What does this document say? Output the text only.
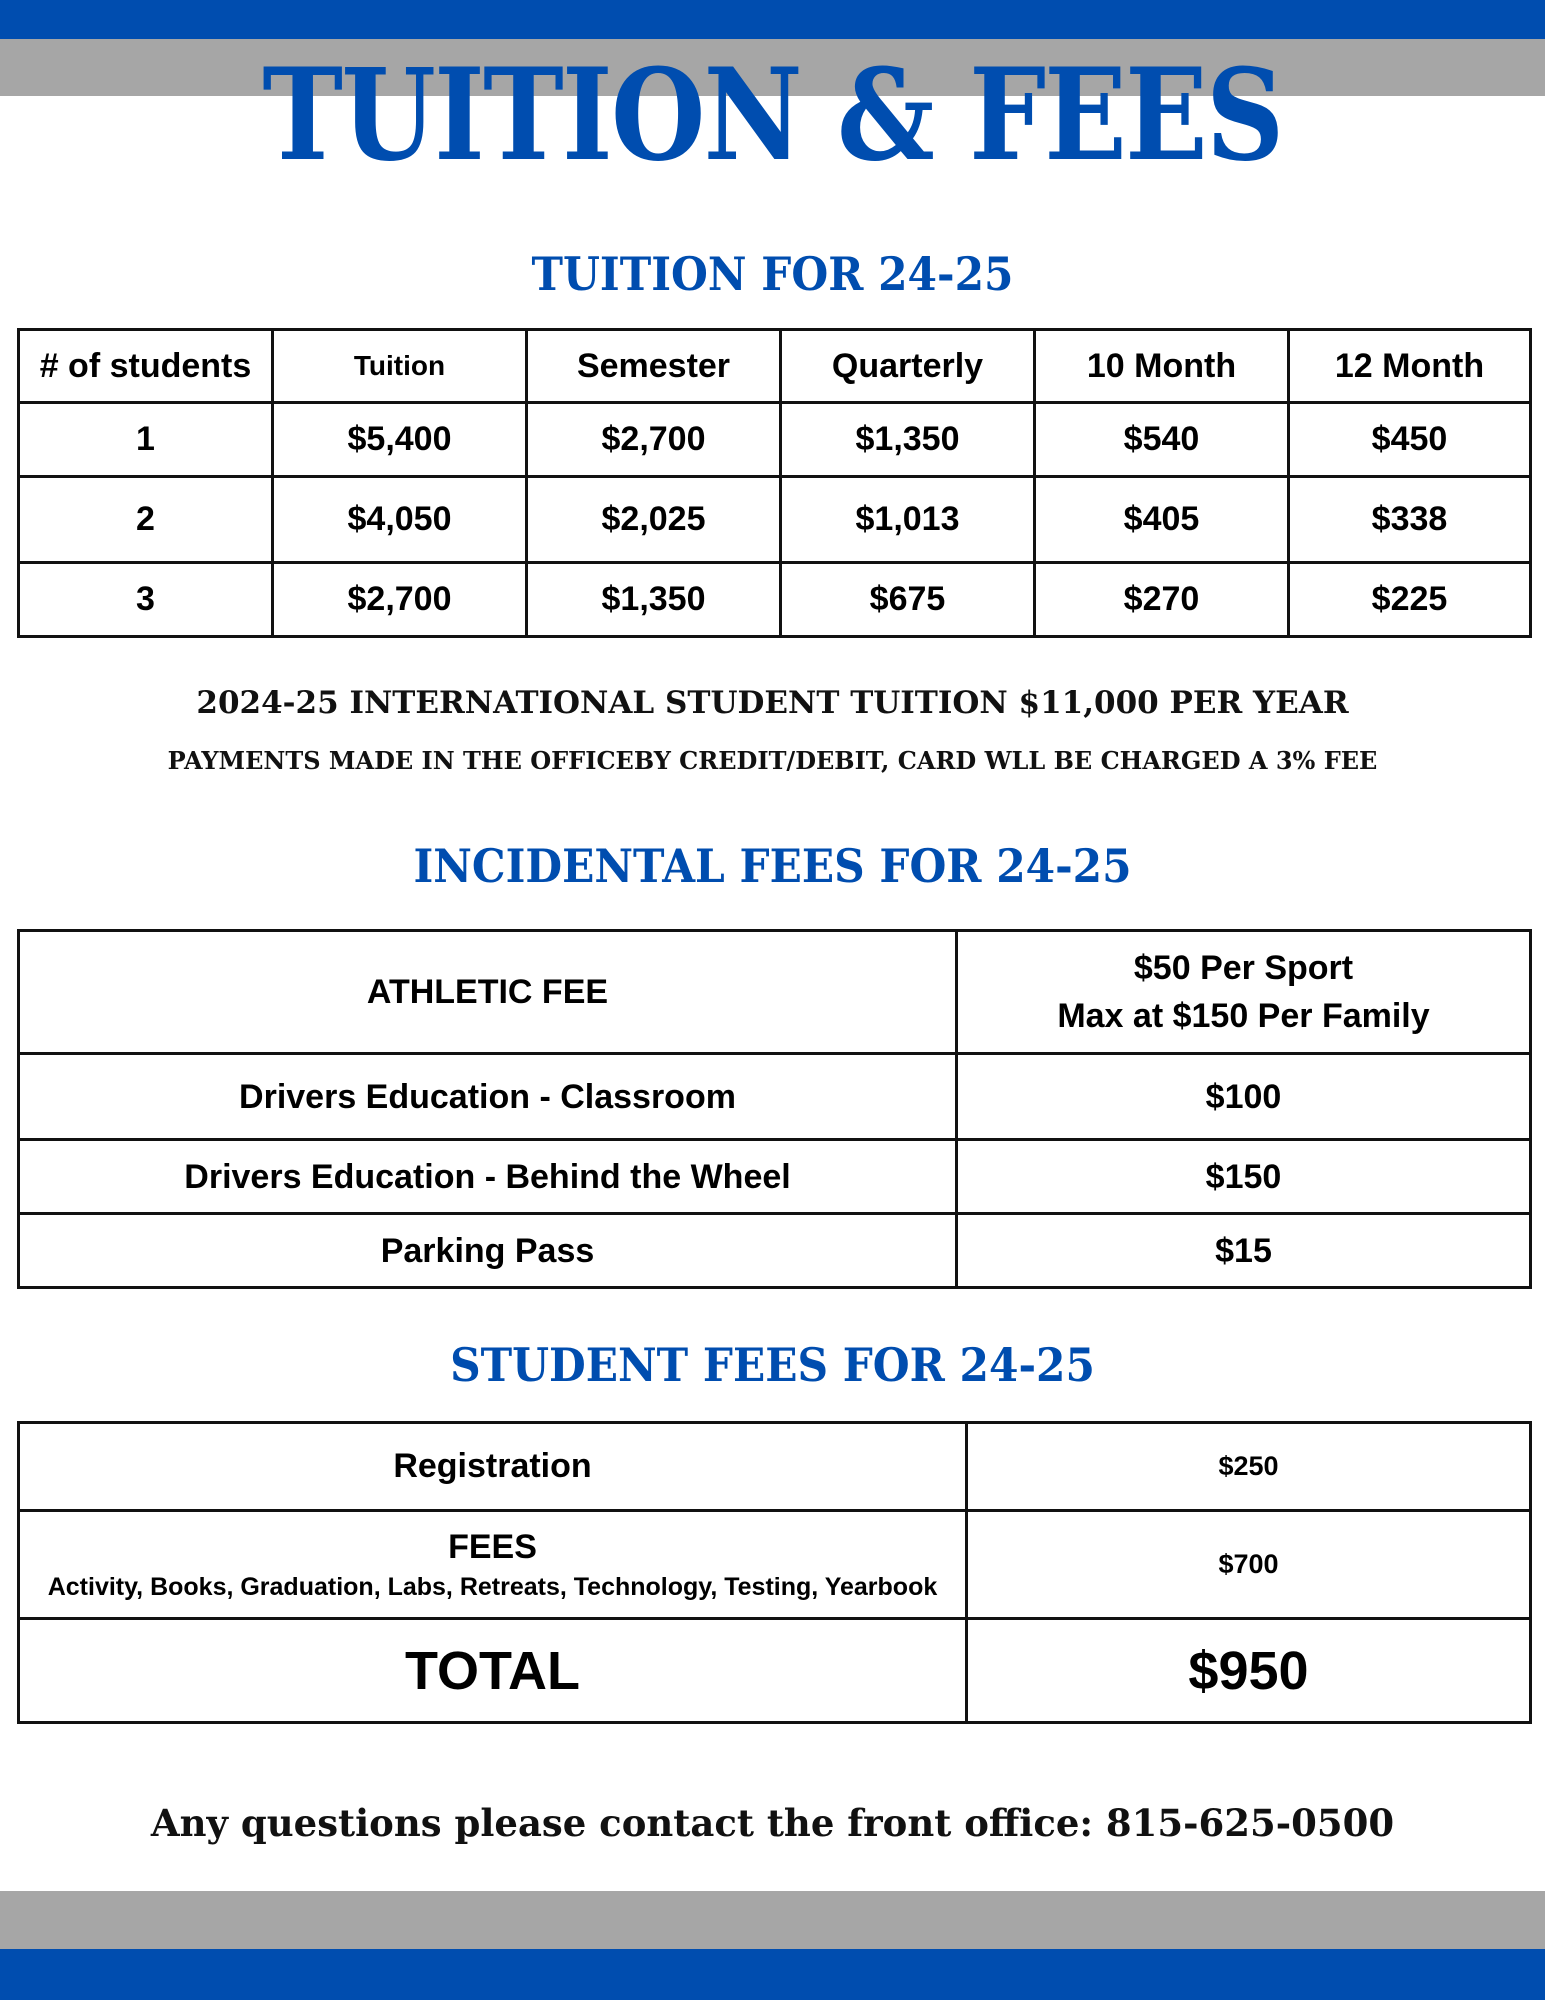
TUITION & FEES
TUITION FOR 24-25
# of students	Tuition	Semester	Quarterly	10 Month	12 Month
1	$5,400	$2,700	$1,350	$540	$450
2	$4,050	$2,025	$1,013	$405	$338
3	$2,700	$1,350	$675	$270	$225
2024-25 INTERNATIONAL STUDENT TUITION $11,000 PER YEAR
PAYMENTS MADE IN THE OFFICEBY CREDIT/DEBIT, CARD WLL BE CHARGED A 3% FEE
INCIDENTAL FEES FOR 24-25
ATHLETIC FEE	$50 Per Sport
Max at $150 Per Family

Drivers Education - Classroom	$100
Drivers Education - Behind the Wheel	$150
Parking Pass	$15
STUDENT FEES FOR 24-25
Registration	$250
FEES
Activity, Books, Graduation, Labs, Retreats, Technology, Testing, Yearbook	$700
TOTAL	$950
Any questions please contact the front office: 815-625-0500
